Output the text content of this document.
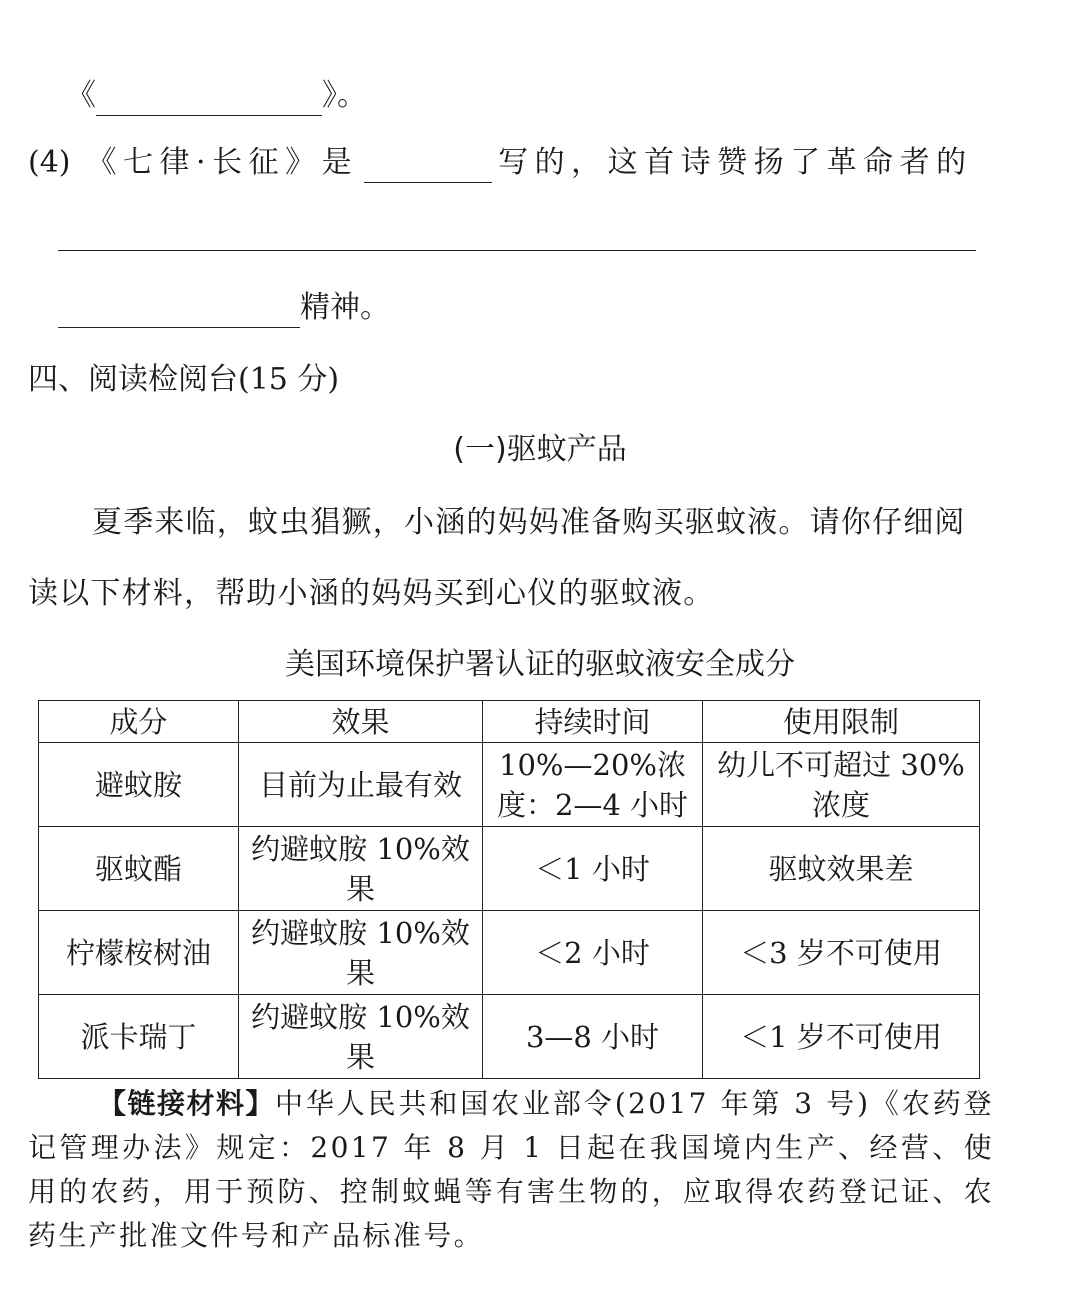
《	》。
(4) 《七律·长征》是	写的，这首诗赞扬了革命者的
精神。
四、阅读检阅台(15 分)
(一)驱蚊产品
夏季来临，蚊虫猖獗，小涵的妈妈准备购买驱蚊液。请你仔细阅
读以下材料，帮助小涵的妈妈买到心仪的驱蚊液。
美国环境保护署认证的驱蚊液安全成分
成分	效果	持续时间	使用限制
避蚊胺	目前为止最有效	10%—20%浓度：2—4 小时	幼儿不可超过 30%浓度
驱蚊酯	约避蚊胺 10%效果	＜1 小时	驱蚊效果差
柠檬桉树油	约避蚊胺 10%效果	＜2 小时	＜3 岁不可使用
派卡瑞丁	约避蚊胺 10%效果	3—8 小时	＜1 岁不可使用
【链接材料】中华人民共和国农业部令(2017 年第 3 号)《农药登记管理办法》规定：2017 年 8 月 1 日起在我国境内生产、经营、使用的农药，用于预防、控制蚊蝇等有害生物的，应取得农药登记证、农药生产批准文件号和产品标准号。
